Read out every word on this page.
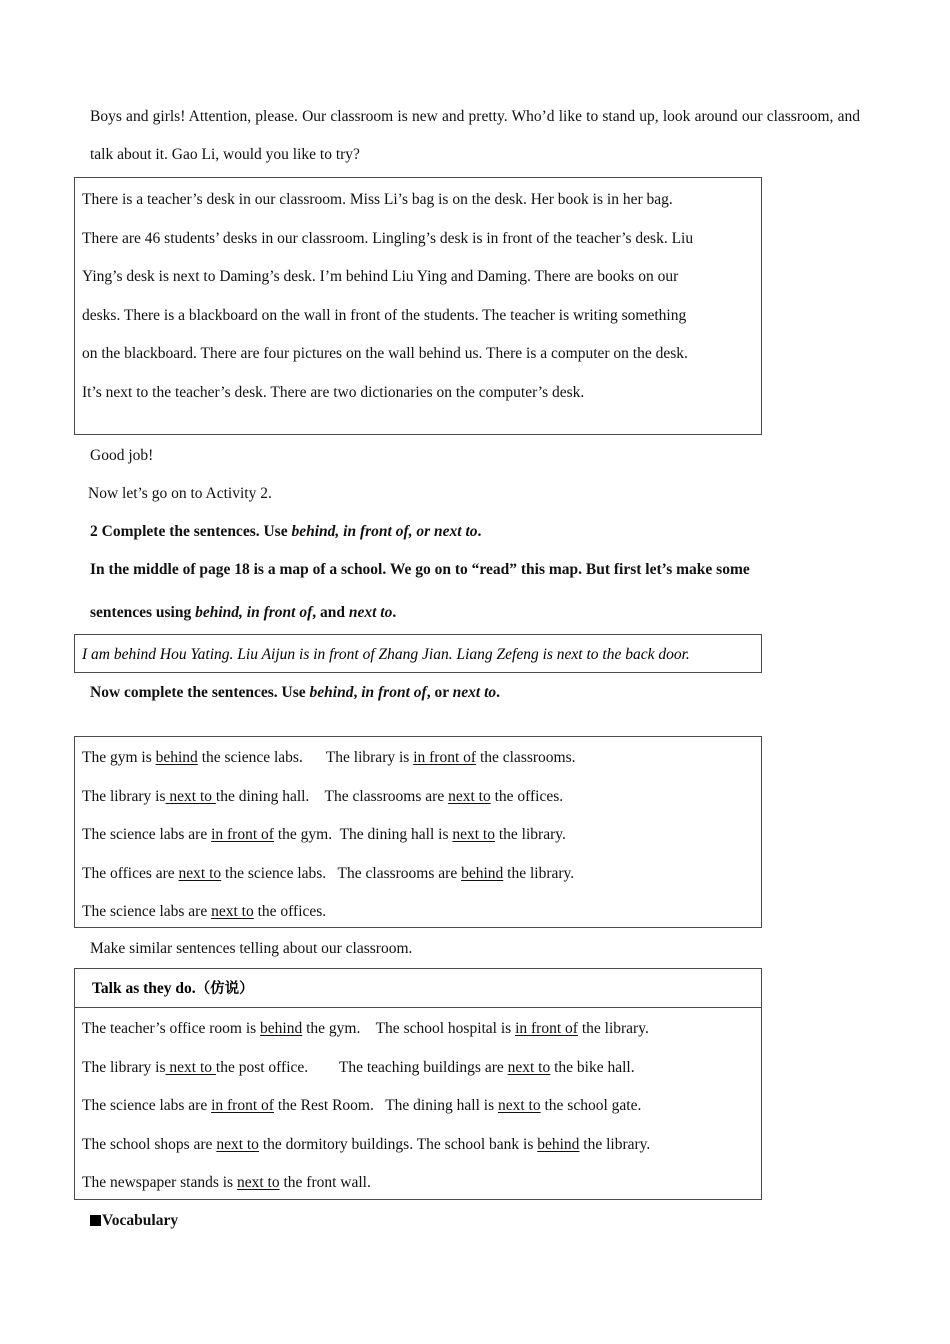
Boys and girls! Attention, please. Our classroom is new and pretty. Who’d like to stand up, look around our classroom, and talk about it. Gao Li, would you like to try?
There is a teacher’s desk in our classroom. Miss Li’s bag is on the desk. Her book is in her bag.
There are 46 students’ desks in our classroom. Lingling’s desk is in front of the teacher’s desk. Liu
Ying’s desk is next to Daming’s desk. I’m behind Liu Ying and Daming. There are books on our
desks. There is a blackboard on the wall in front of the students. The teacher is writing something
on the blackboard. There are four pictures on the wall behind us. There is a computer on the desk.
It’s next to the teacher’s desk. There are two dictionaries on the computer’s desk.
Good job!
Now let’s go on to Activity 2.
2 Complete the sentences. Use behind, in front of, or next to.
In the middle of page 18 is a map of a school. We go on to “read” this map. But first let’s make some
sentences using behind, in front of, and next to.
I am behind Hou Yating. Liu Aijun is in front of Zhang Jian. Liang Zefeng is next to the back door.
Now complete the sentences. Use behind, in front of, or next to.
The gym is behind the science labs. The library is in front of the classrooms.
The library is next to the dining hall. The classrooms are next to the offices.
The science labs are in front of the gym. The dining hall is next to the library.
The offices are next to the science labs. The classrooms are behind the library.
The science labs are next to the offices.
Make similar sentences telling about our classroom.
Talk as they do.（仿说）
The teacher’s office room is behind the gym. The school hospital is in front of the library.
The library is next to the post office. The teaching buildings are next to the bike hall.
The science labs are in front of the Rest Room. The dining hall is next to the school gate.
The school shops are next to the dormitory buildings. The school bank is behind the library.
The newspaper stands is next to the front wall.
Vocabulary
